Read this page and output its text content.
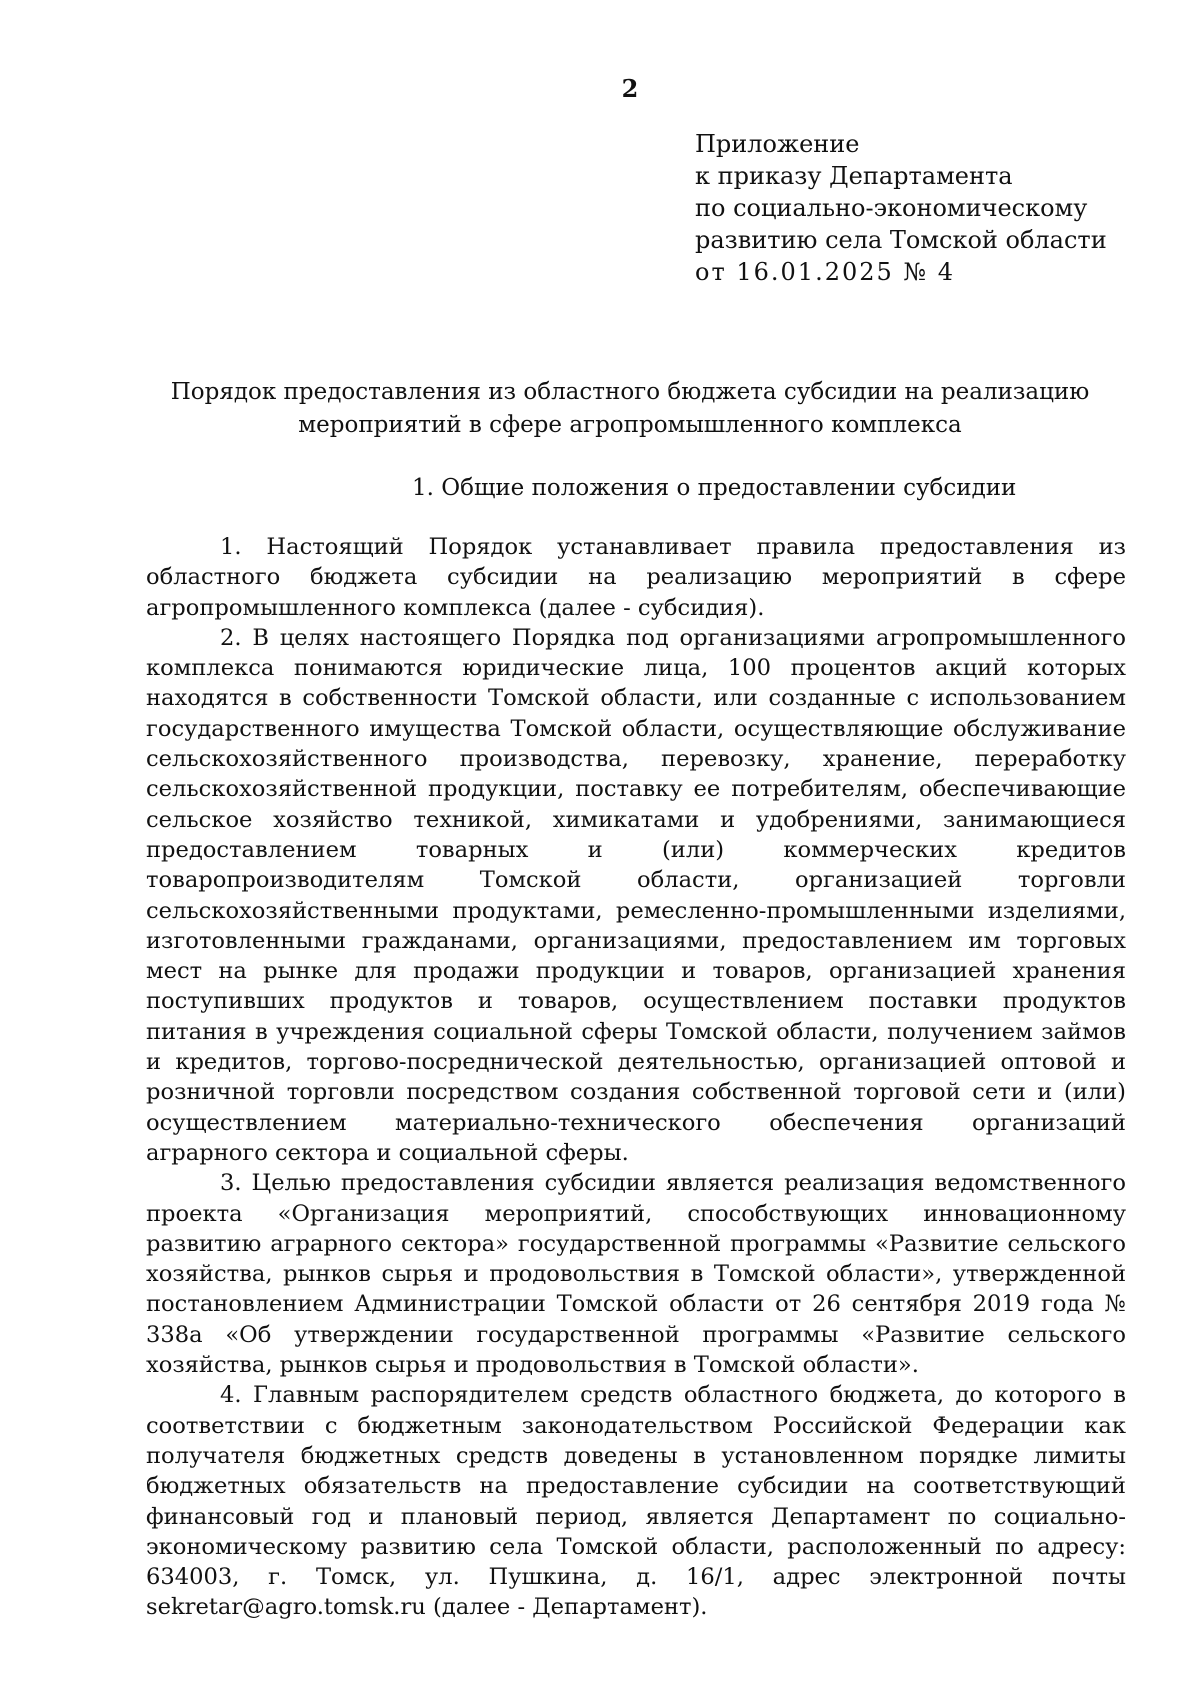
2
Приложение
к приказу Департамента
по социально-экономическому
развитию села Томской области
от 16.01.2025 № 4
Порядок предоставления из областного бюджета субсидии на реализацию мероприятий в сфере агропромышленного комплекса
1. Общие положения о предоставлении субсидии

1. Настоящий Порядок устанавливает правила предоставления из областного бюджета субсидии на реализацию мероприятий в сфере агропромышленного комплекса (далее - субсидия).

2. В целях настоящего Порядка под организациями агропромышленного комплекса понимаются юридические лица, 100 процентов акций которых находятся в собственности Томской области, или созданные с использованием государственного имущества Томской области, осуществляющие обслуживание сельскохозяйственного производства, перевозку, хранение, переработку сельскохозяйственной продукции, поставку ее потребителям, обеспечивающие сельское хозяйство техникой, химикатами и удобрениями, занимающиеся предоставлением товарных и (или) коммерческих кредитов товаропроизводителям Томской области, организацией торговли сельскохозяйственными продуктами, ремесленно-промышленными изделиями, изготовленными гражданами, организациями, предоставлением им торговых мест на рынке для продажи продукции и товаров, организацией хранения поступивших продуктов и товаров, осуществлением поставки продуктов питания в учреждения социальной сферы Томской области, получением займов и кредитов, торгово-посреднической деятельностью, организацией оптовой и розничной торговли посредством создания собственной торговой сети и (или) осуществлением материально-технического обеспечения организаций аграрного сектора и социальной сферы.

3. Целью предоставления субсидии является реализация ведомственного проекта «Организация мероприятий, способствующих инновационному развитию аграрного сектора» государственной программы «Развитие сельского хозяйства, рынков сырья и продовольствия в Томской области», утвержденной постановлением Администрации Томской области от 26 сентября 2019 года № 338а «Об утверждении государственной программы «Развитие сельского хозяйства, рынков сырья и продовольствия в Томской области».

4. Главным распорядителем средств областного бюджета, до которого в соответствии с бюджетным законодательством Российской Федерации как получателя бюджетных средств доведены в установленном порядке лимиты бюджетных обязательств на предоставление субсидии на соответствующий финансовый год и плановый период, является Департамент по социально-экономическому развитию села Томской области, расположенный по адресу: 634003, г. Томск, ул. Пушкина, д. 16/1, адрес электронной почты sekretar@agro.tomsk.ru (далее - Департамент).
